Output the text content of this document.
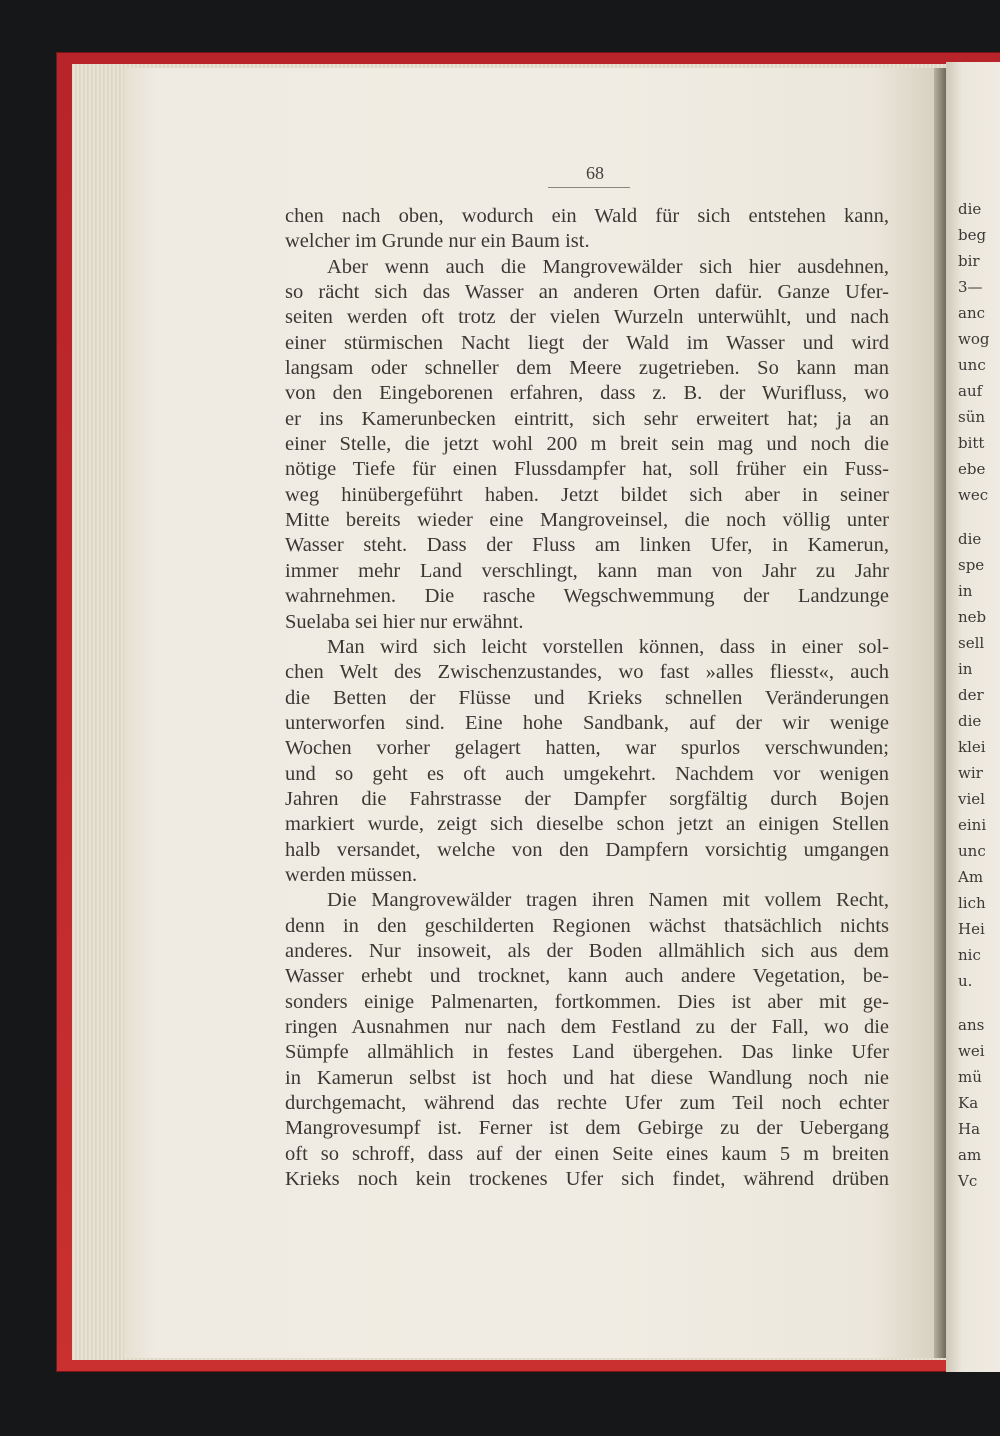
die
beg
bir
3—
anc
wog
unc
auf
sün
bitt
ebe
wec
die
spe
in
neb
sell
in
der
die
klei
wir
viel
eini
unc
Am
lich
Hei
nic
u.
ans
wei
mü
Ka
Ha
am
Vc
68
chen nach oben, wodurch ein Wald für sich entstehen kann,
welcher im Grunde nur ein Baum ist.
Aber wenn auch die Mangrovewälder sich hier ausdehnen,
so rächt sich das Wasser an anderen Orten dafür. Ganze Ufer-
seiten werden oft trotz der vielen Wurzeln unterwühlt, und nach
einer stürmischen Nacht liegt der Wald im Wasser und wird
langsam oder schneller dem Meere zugetrieben. So kann man
von den Eingeborenen erfahren, dass z. B. der Wurifluss, wo
er ins Kamerunbecken eintritt, sich sehr erweitert hat; ja an
einer Stelle, die jetzt wohl 200 m breit sein mag und noch die
nötige Tiefe für einen Flussdampfer hat, soll früher ein Fuss-
weg hinübergeführt haben. Jetzt bildet sich aber in seiner
Mitte bereits wieder eine Mangroveinsel, die noch völlig unter
Wasser steht. Dass der Fluss am linken Ufer, in Kamerun,
immer mehr Land verschlingt, kann man von Jahr zu Jahr
wahrnehmen. Die rasche Wegschwemmung der Landzunge
Suelaba sei hier nur erwähnt.
Man wird sich leicht vorstellen können, dass in einer sol-
chen Welt des Zwischenzustandes, wo fast »alles fliesst«, auch
die Betten der Flüsse und Krieks schnellen Veränderungen
unterworfen sind. Eine hohe Sandbank, auf der wir wenige
Wochen vorher gelagert hatten, war spurlos verschwunden;
und so geht es oft auch umgekehrt. Nachdem vor wenigen
Jahren die Fahrstrasse der Dampfer sorgfältig durch Bojen
markiert wurde, zeigt sich dieselbe schon jetzt an einigen Stellen
halb versandet, welche von den Dampfern vorsichtig umgangen
werden müssen.
Die Mangrovewälder tragen ihren Namen mit vollem Recht,
denn in den geschilderten Regionen wächst thatsächlich nichts
anderes. Nur insoweit, als der Boden allmählich sich aus dem
Wasser erhebt und trocknet, kann auch andere Vegetation, be-
sonders einige Palmenarten, fortkommen. Dies ist aber mit ge-
ringen Ausnahmen nur nach dem Festland zu der Fall, wo die
Sümpfe allmählich in festes Land übergehen. Das linke Ufer
in Kamerun selbst ist hoch und hat diese Wandlung noch nie
durchgemacht, während das rechte Ufer zum Teil noch echter
Mangrovesumpf ist. Ferner ist dem Gebirge zu der Uebergang
oft so schroff, dass auf der einen Seite eines kaum 5 m breiten
Krieks noch kein trockenes Ufer sich findet, während drüben
